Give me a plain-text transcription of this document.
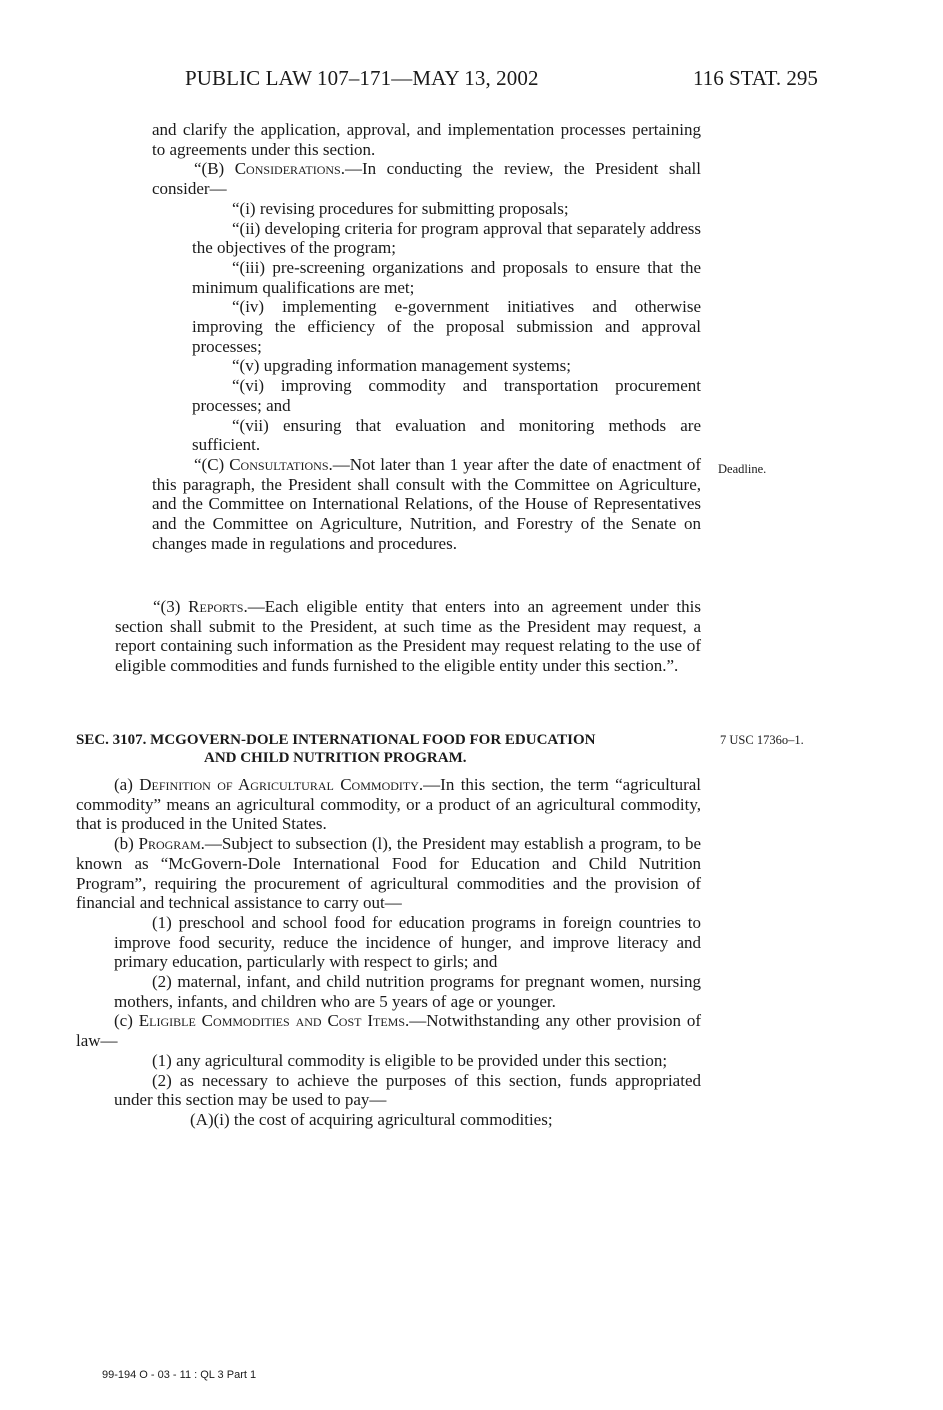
PUBLIC LAW 107–171—MAY 13, 2002	116 STAT. 295

and clarify the application, approval, and implementation processes pertaining to agreements under this section.

“(B) Considerations.—In conducting the review, the President shall consider—

“(i) revising procedures for submitting proposals;

“(ii) developing criteria for program approval that separately address the objectives of the program;

“(iii) pre-screening organizations and proposals to ensure that the minimum qualifications are met;

“(iv) implementing e-government initiatives and otherwise improving the efficiency of the proposal submission and approval processes;

“(v) upgrading information management systems;

“(vi) improving commodity and transportation procurement processes; and

“(vii) ensuring that evaluation and monitoring methods are sufficient.

“(C) Consultations.—Not later than 1 year after the date of enactment of this paragraph, the President shall consult with the Committee on Agriculture, and the Committee on International Relations, of the House of Representatives and the Committee on Agriculture, Nutrition, and Forestry of the Senate on changes made in regulations and procedures.

Deadline.

“(3) Reports.—Each eligible entity that enters into an agreement under this section shall submit to the President, at such time as the President may request, a report containing such information as the President may request relating to the use of eligible commodities and funds furnished to the eligible entity under this section.”.

SEC. 3107. MCGOVERN-DOLE INTERNATIONAL FOOD FOR EDUCATION
AND CHILD NUTRITION PROGRAM.
7 USC 1736o–1.

(a) Definition of Agricultural Commodity.—In this section, the term “agricultural commodity” means an agricultural commodity, or a product of an agricultural commodity, that is produced in the United States.

(b) Program.—Subject to subsection (l), the President may establish a program, to be known as “McGovern-Dole International Food for Education and Child Nutrition Program”, requiring the procurement of agricultural commodities and the provision of financial and technical assistance to carry out—

(1) preschool and school food for education programs in foreign countries to improve food security, reduce the incidence of hunger, and improve literacy and primary education, particularly with respect to girls; and

(2) maternal, infant, and child nutrition programs for pregnant women, nursing mothers, infants, and children who are 5 years of age or younger.

(c) Eligible Commodities and Cost Items.—Notwithstanding any other provision of law—

(1) any agricultural commodity is eligible to be provided under this section;

(2) as necessary to achieve the purposes of this section, funds appropriated under this section may be used to pay—

(A)(i) the cost of acquiring agricultural commodities;

99-194 O - 03 - 11 : QL 3 Part 1
